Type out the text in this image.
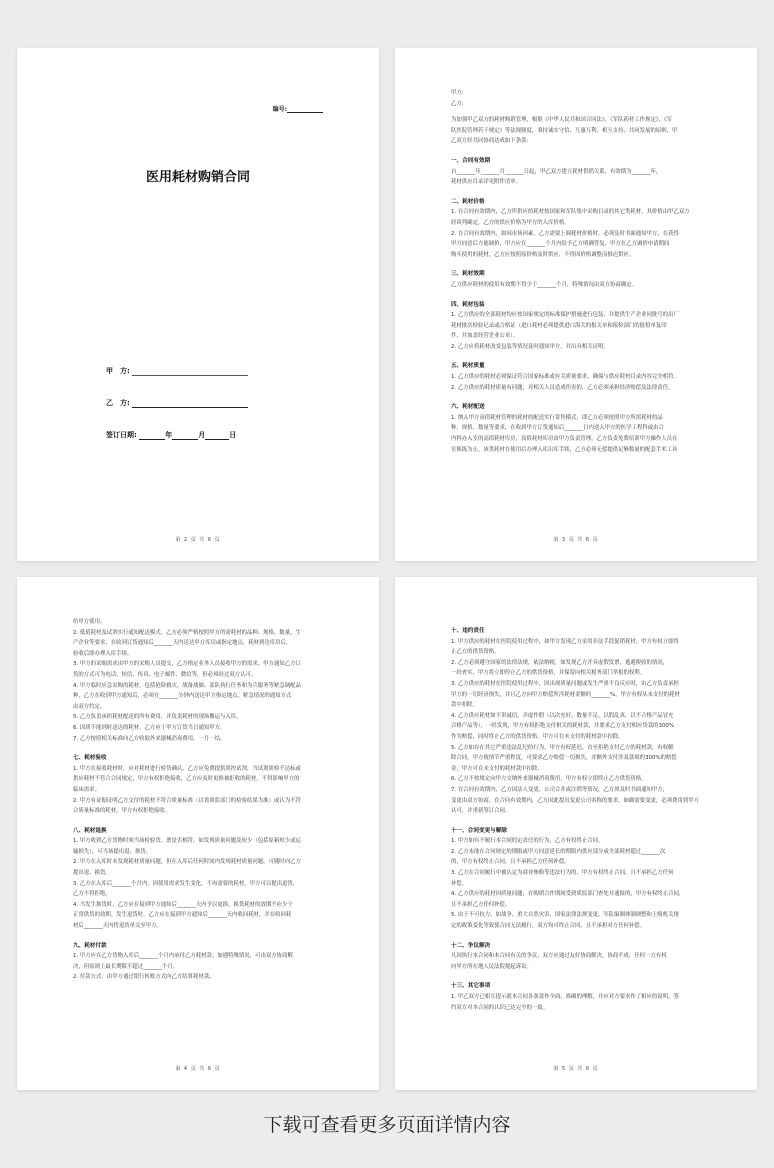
编号:
医用耗材购销合同
甲　方:
乙　方:
签订日期:	年	月	日
第 2 页 共 6 页
甲方:
乙方:
为加强甲乙双方的耗材购销管理，根据《中华人民共和国合同法》、《军队药材工作规定》、《军
队医院管理若干规定》等法规制度，秉持诚实守信、互惠互利、相互支持、共同发展的原则，甲
乙双方经共同协商达成如下条款:
一、合同有效期
自_______年_______月_______日起，甲乙双方建立耗材供销关系，有效期为_______年，
耗材供应目录详见附件清单。
二、耗材价格
1. 在合同有效期内，乙方所供应的耗材按国家和军队集中采购目录的其它类耗材，其价格由甲乙双方
经谈判确定，乙方的供应价格为甲方的入库价格。
2. 在合同有效期内，如因市场因素，乙方需要上调耗材价格时，必须及时书面通知甲方，在获得
甲方同意后方能调价，甲方应在_______个月内给予乙方明确答复，甲方在乙方调价申请期间
购买使用的耗材，乙方应按照原价格及时供应，不得因价格调整而推迟供应。
三、耗材效期
乙方供应耗材的使用有效期不得少于_______个月，特殊情况由双方协商确定。
四、耗材包装
1. 乙方供应的全部耗材均应按国家规定的标准保护措施进行包装，并提供生产企业同批号的出厂
耗材批次检验记录或合格证（进口耗材必须提供进口海关的报关单和报检部门的报检单复印
件，并加盖经营企业公章）。
2. 乙方应将耗材改变包装等情况及时通知甲方，并出具相关证明。
五、耗材质量
1. 乙方供应的耗材必须保证符合国家标准或有关质量要求，确保与供应耗材目录内容完全相符。
2. 乙方供应的耗材质量有问题，对相关人员造成伤害的，乙方必须承担经济赔偿及法律责任。
六、耗材配送
1. 纳入甲方高值耗材管理的耗材的配送实行寄售模式，即乙方必须按照甲方所需耗材的品
种、规格、数量等要求，在收到甲方订货通知后_______日内送入甲方的医学工程科或由合
内科办入室的高值耗材库房，高值耗材库房由甲方负责管理，乙方负责免费培训甲方操作人员在
室换练为止，该类耗材在使用后办理入库出库手续，乙方必须无偿提供足够数量的配套手术工具
第 3 页 共 6 页
给甲方使用。
2. 低值耗材及试剂实行通知配送模式，乙方必须严格按照甲方所需耗材的品种、规格、数量、生
产企业等要求，在收到订货通知后_______天内送达甲方库房或指定地点，耗材到达库房后，
验收后即办理入库手续。
3. 甲方的采购需求由甲方的采购人员提交，乙方指定业务人员接收甲方的需求，甲方通知乙方订
货的方式可为电话、短信、传真、电子邮件、微信等，但必须经过双方认可。
4. 甲方临时应急采购的耗材，包括抢险救灾、战备战储、部队执行任务和为兵服务等紧急调配品
种，乙方在收到甲方通知后，必须在_______分钟内送达甲方指定地点，紧急情况的通知方式
由双方约定。
5. 乙方负责承担耗材配送的所有费用，并负责耗材的现场搬运与入库。
6. 因质不能到时送达的耗材，乙方应于甲方订货当日通知甲方。
7. 乙方按照相关标准向乙方收取外来器械消毒费用，一月一结。
七、耗材验收
1. 甲方在接收耗材时，应对耗材进行验货确认，乙方应免费提供质控试剂，当试剂质检不达标或
供应耗材不符合合同规定，甲方有权拒绝接收，乙方应及时更换被拒收的耗材，不得影响甲方的
临床需求。
2. 甲方有证据证明乙方交付的耗材不符合质量标准（以省质监部门的检验结果为准）或认为不符
合质量标准的耗材，甲方有权拒绝接收。
八、耗材退换
1. 甲方收到乙方货物时须当场检验货、票是否相符，如发现质量问题及短少（包括原箱短少或运
输损失），可当场提出退、换货。
2. 甲方在入库时未发现耗材质量问题，但在入库后任何时间内发现耗材质量问题，可随时向乙方
提出退、换货。
3. 乙方在入库后_______个月内，因使用需求发生变化，不再需要的耗材，甲方可以提出退货，
乙方不得拒绝。
4. 当发生换货时，乙方应在接到甲方通知后_______天内予以更换，换货耗材的效期不应少于
正常供货的效期。发生退货时，乙方应在接到甲方通知后_______天内收回耗材，并在收回耗
材后_______天内将退货单交至甲方。
九、耗材付款
1. 甲方应在乙方货物入库后_______个月内承付乙方耗材款；如遇特殊情况，可由双方协商解
决，但原则上最长期限不超过_______个月。
2. 付款方式：由甲方通过银行转账方式向乙方结算耗材款。
第 4 页 共 6 页
十、违约责任
1. 甲方供应的耗材在医院使用过程中，如甲方发现乙方采用非法手段促销耗材，甲方有权立即终
止乙方的供货资格。
2. 乙方必须遵守国家的法律法规，依法纳税，如发现乙方开具虚假发票，逃避税收的情况，
一经查实，甲方将立即停止乙方的供货资格，并保留向相关税务部门举报的权利。
3. 乙方供应的耗材在医院使用过程中，因出现质量问题或发生严重不良反应时，由乙方负责承担
甲方的一切经济损失，并且乙方向甲方赔偿所涉耗材金额的_______%，甲方有权从未支付的耗材
款中扣除。
4. 乙方供应耗材如不讲诚信，弄虚作假（以次充好、数量不足、以假乱真、以不合格产品冒充
合格产品等），一经发现，甲方有权拒绝支付相关的耗材款，并要求乙方支付相应货款的300%
作为赔偿，同时终止乙方的供货资格。甲方可在未支付的耗材款中扣除。
5. 乙方如存在其它严重违法乱纪的行为，甲方有权延迟、直至拒绝支付乙方的耗材款，有权解
除合同，甲方视情节严重程度，可要求乙方赔偿一切损失，并额外支付涉及款项的300%的赔偿
金，甲方可在未支付的耗材款中扣除。
6. 乙方不按规定向甲方交纳外来器械消毒费用，甲方有权立即终止乙方供货资格。
7. 在合同有效期内，乙方因法人变更、公司合并或注销等情况，乙方须及时书面通知甲方，
变更由双方协商。在合同有效期内，乙方因此提出变更公司名称的要求，如确需要变更，必须费用到甲方
认可，并重新签订合同。
十一、合同变更与解除
1. 甲方如有不履行本合同的定责任的行为，乙方有权终止合同。
2. 乙方未能在合同规定的期限或甲方同意延长的期限内供应部分或全部耗材超过_______次
的，甲方有权终止合同，且不承担乙方任何补偿。
3. 乙方在合同履行中被认定为商业贿赂等违法行为的，甲方有权终止合同，且不承担乙方任何
补偿。
4. 乙方供应的耗材因质量问题，在购销合作期间受到质监部门查处并通报的，甲方有权终止合同，
且不承担乙方任何补偿。
5. 由于不可抗力、如战争、重大自然灾害、国家法律法规变更、军队编制体制调整和上级机关规
定的政策变化等致使合同无法履行，双方均可终止合同，且不承担对方任何补偿。
十二、争议解决
凡因执行本合同和本合同有关的争议，双方应通过友好协商解决，协商不成，任何一方有权
向甲方所在地人民法院提起诉讼。
十三、其它事项
1. 甲乙双方已相互提示就本合同各条款作全面、准确的理解，并应对方要求作了相应的说明，签
约双方对本合同的认识已达完全的一致。
第 5 页 共 6 页
下载可查看更多页面详情内容
